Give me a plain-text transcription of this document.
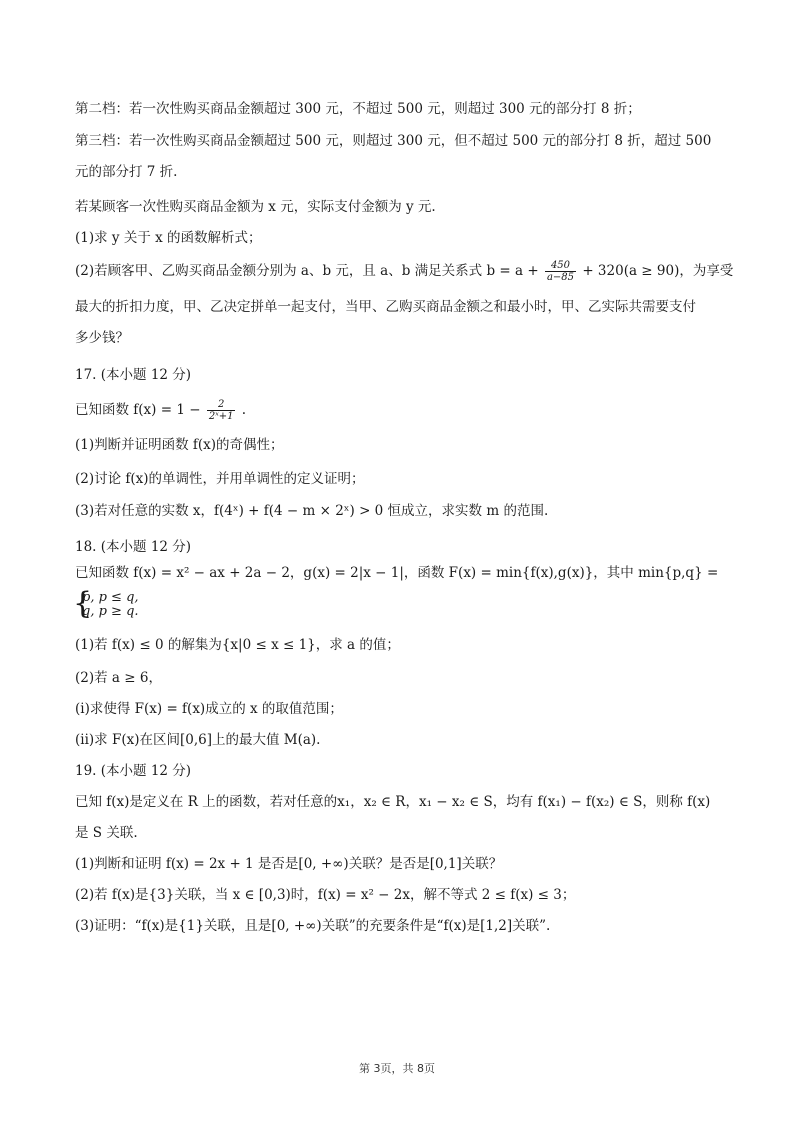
第二档：若一次性购买商品金额超过 300 元，不超过 500 元，则超过 300 元的部分打 8 折；
第三档：若一次性购买商品金额超过 500 元，则超过 300 元，但不超过 500 元的部分打 8 折，超过 500
元的部分打 7 折.
若某顾客一次性购买商品金额为 x 元，实际支付金额为 y 元.
(1)求 y 关于 x 的函数解析式；
(2)若顾客甲、乙购买商品金额分别为 a、b 元，且 a、b 满足关系式 $b = a + \frac{450}{a-85} + 320(a \ge 90)$，为享受
最大的折扣力度，甲、乙决定拼单一起支付，当甲、乙购买商品金额之和最小时，甲、乙实际共需要支付
多少钱？
17. (本小题 12 分)
已知函数 $f(x) = 1 - \frac{2}{\text{2ˣ+1}}$ .
(1)判断并证明函数 f(x)的奇偶性；
(2)讨论 f(x)的单调性，并用单调性的定义证明；
(3)若对任意的实数 x，f(4ˣ) + f(4 − m × 2ˣ) > 0 恒成立，求实数 m 的范围.
18. (本小题 12 分)
已知函数 f(x) = x² − ax + 2a − 2，g(x) = 2|x − 1|，函数 F(x) = min{f(x),g(x)}，其中 min{p,q} =
{
p, p ≤ q,
q, p ≥ q.
(1)若 f(x) ≤ 0 的解集为{x|0 ≤ x ≤ 1}，求 a 的值；
(2)若 a ≥ 6，
(i)求使得 F(x) = f(x)成立的 x 的取值范围；
(ii)求 F(x)在区间[0,6]上的最大值 M(a).
19. (本小题 12 分)
已知 f(x)是定义在 R 上的函数，若对任意的x₁，x₂ ∈ R，x₁ − x₂ ∈ S，均有 f(x₁) − f(x₂) ∈ S，则称 f(x)
是 S 关联.
(1)判断和证明 f(x) = 2x + 1 是否是[0, +∞)关联？是否是[0,1]关联？
(2)若 f(x)是{3}关联，当 x ∈ [0,3)时，f(x) = x² − 2x，解不等式 2 ≤ f(x) ≤ 3；
(3)证明：“f(x)是{1}关联，且是[0, +∞)关联”的充要条件是“f(x)是[1,2]关联”.
第 3页，共 8页
